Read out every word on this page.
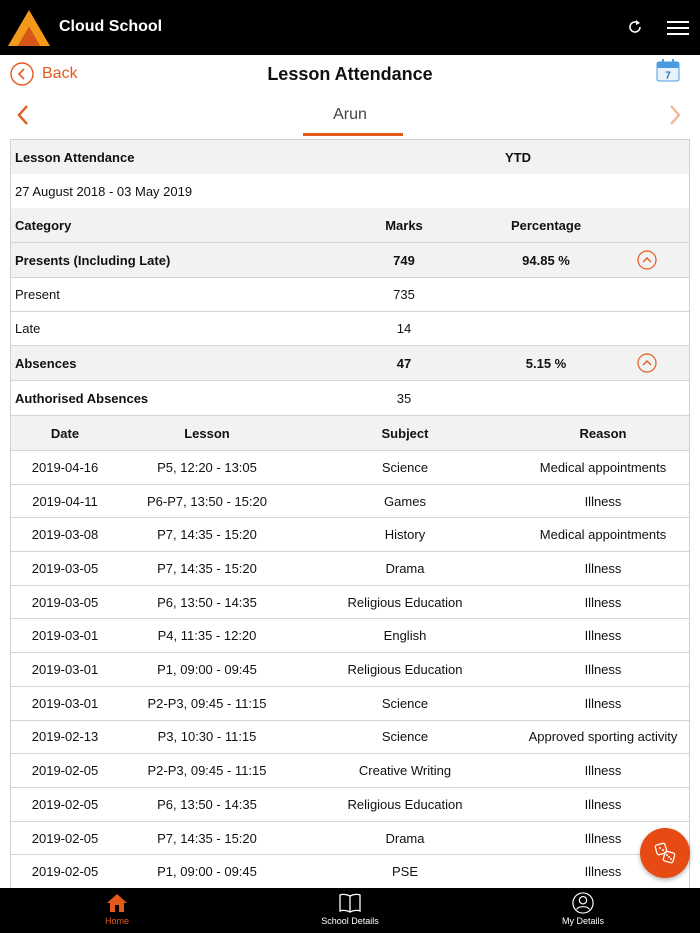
Cloud School
Back	Lesson Attendance	7
Arun
Lesson Attendance	YTD
27 August 2018 - 03 May 2019
Category	Marks	Percentage
Presents (Including Late)	749	94.85 %
Present	735
Late	14
Absences	47	5.15 %
Authorised Absences	35
Date	Lesson	Subject	Reason
2019-04-16	P5, 12:20 - 13:05	Science	Medical appointments
2019-04-11	P6-P7, 13:50 - 15:20	Games	Illness
2019-03-08	P7, 14:35 - 15:20	History	Medical appointments
2019-03-05	P7, 14:35 - 15:20	Drama	Illness
2019-03-05	P6, 13:50 - 14:35	Religious Education	Illness
2019-03-01	P4, 11:35 - 12:20	English	Illness
2019-03-01	P1, 09:00 - 09:45	Religious Education	Illness
2019-03-01	P2-P3, 09:45 - 11:15	Science	Illness
2019-02-13	P3, 10:30 - 11:15	Science	Approved sporting activity
2019-02-05	P2-P3, 09:45 - 11:15	Creative Writing	Illness
2019-02-05	P6, 13:50 - 14:35	Religious Education	Illness
2019-02-05	P7, 14:35 - 15:20	Drama	Illness
2019-02-05	P1, 09:00 - 09:45	PSE	Illness
Home	School Details	My Details
